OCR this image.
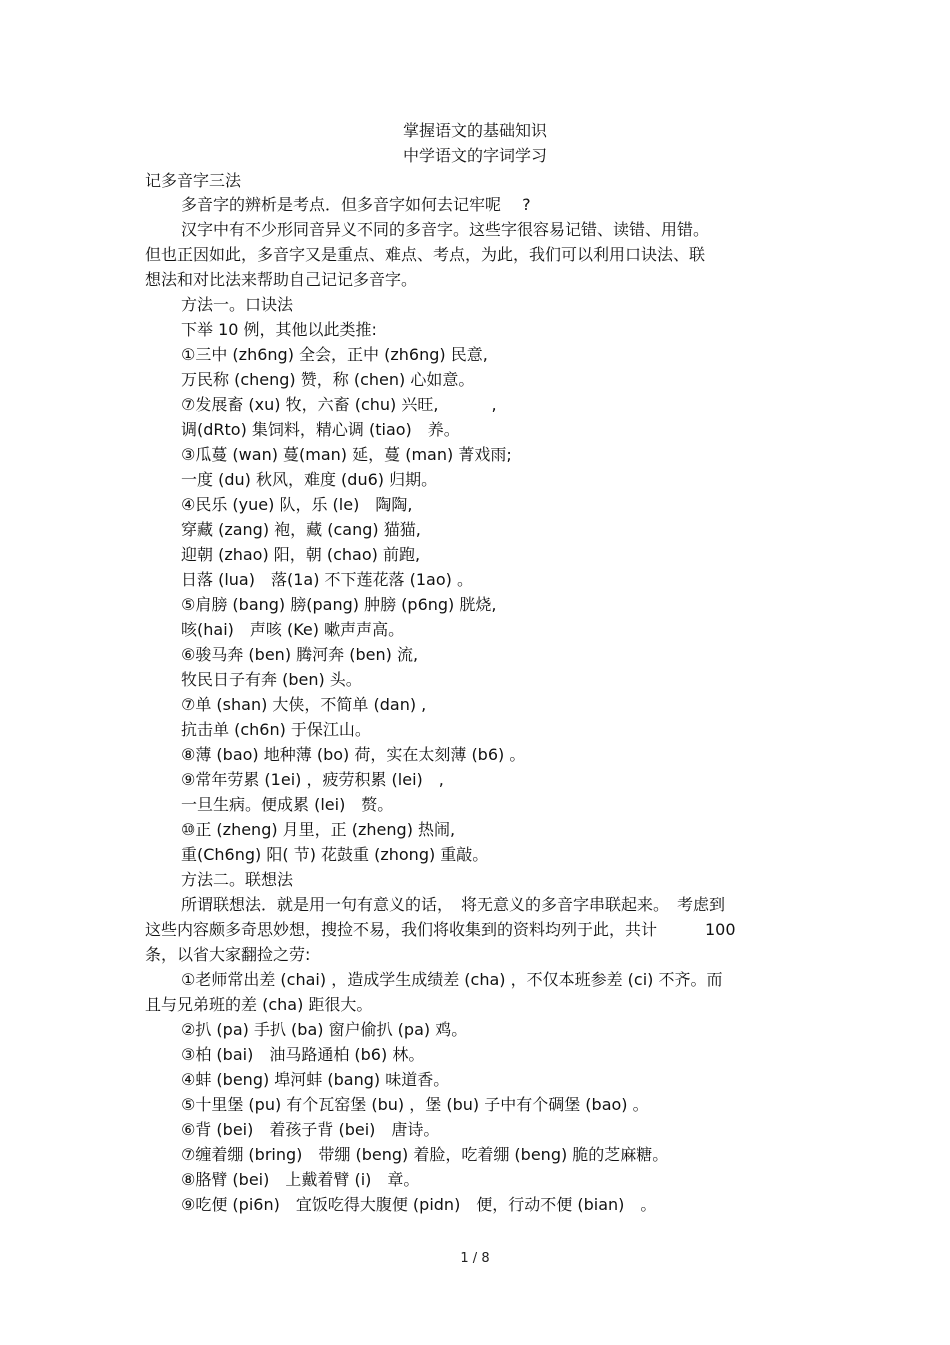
掌握语文的基础知识
中学语文的字词学习
记多音字三法
多音字的辨析是考点．但多音字如何去记牢呢　 ?
汉字中有不少形同音异义不同的多音字。这些字很容易记错、读错、用错。
但也正因如此，多音字又是重点、难点、考点，为此，我们可以利用口诀法、联
想法和对比法来帮助自己记记多音字。
方法一。口诀法
下举 10 例，其他以此类推:
①三中 (zh6ng) 全会，正中 (zh6ng) 民意,
万民称 (cheng) 赞，称 (chen) 心如意。
⑦发展畜 (xu) 牧，六畜 (chu) 兴旺,　　　 ,
调(dRto) 集饲料，精心调 (tiao)　养。
③瓜蔓 (wan) 蔓(man) 延，蔓 (man) 菁戏雨;
一度 (du) 秋风，难度 (du6) 归期。
④民乐 (yue) 队，乐 (le)　陶陶,
穿藏 (zang) 袍，藏 (cang) 猫猫,
迎朝 (zhao) 阳，朝 (chao) 前跑,
日落 (lua)　落(1a) 不下莲花落 (1ao) 。
⑤肩膀 (bang) 膀(pang) 肿膀 (p6ng) 胱烧,
咳(hai)　声咳 (Ke) 嗽声声高。
⑥骏马奔 (ben) 腾河奔 (ben) 流,
牧民日子有奔 (ben) 头。
⑦单 (shan) 大侠，不简单 (dan) ,
抗击单 (ch6n) 于保江山。
⑧薄 (bao) 地种薄 (bo) 荷，实在太刻薄 (b6) 。
⑨常年劳累 (1ei) ，疲劳积累 (lei)　,
一旦生病。便成累 (lei)　赘。
⑩正 (zheng) 月里，正 (zheng) 热闹,
重(Ch6ng) 阳( 节) 花鼓重 (zhong) 重敲。
方法二。联想法
所谓联想法．就是用一句有意义的话，　将无意义的多音字串联起来。　考虑到
这些内容颇多奇思妙想，搜捡不易，我们将收集到的资料均列于此，共计　　　100
条，以省大家翻捡之劳:
①老师常出差 (chai) ，造成学生成绩差 (cha) ，不仅本班参差 (ci) 不齐。而
且与兄弟班的差 (cha) 距很大。
②扒 (pa) 手扒 (ba) 窗户偷扒 (pa) 鸡。
③柏 (bai)　油马路通柏 (b6) 林。
④蚌 (beng) 埠河蚌 (bang) 味道香。
⑤十里堡 (pu) 有个瓦窑堡 (bu) ，堡 (bu) 子中有个碉堡 (bao) 。
⑥背 (bei)　着孩子背 (bei)　唐诗。
⑦缠着绷 (bring)　带绷 (beng) 着脸，吃着绷 (beng) 脆的芝麻糖。
⑧胳臂 (bei)　上戴着臂 (i)　章。
⑨吃便 (pi6n)　宜饭吃得大腹便 (pidn)　便，行动不便 (bian)　。
1 / 8
